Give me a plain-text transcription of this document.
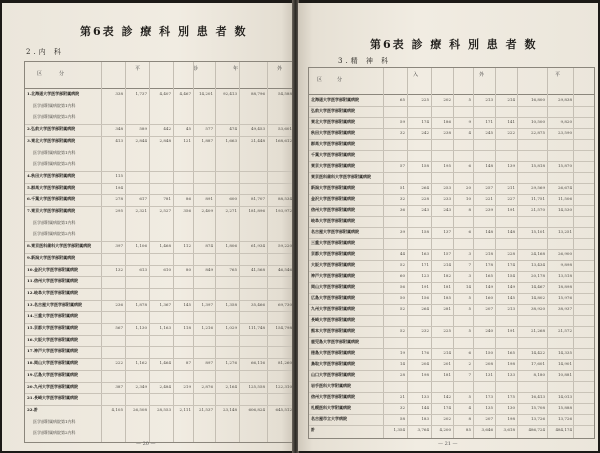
第6表 診 療 科 別 患 者 数
2.内 科
区	分
平	診	年	外
1.北海道大学医学部附属病院	338	1,737	4,407	4,467	14,201	92,413	88,796	54,588
医学部附属病院第1内科
医学部附属病院第2内科
2.弘前大学医学部附属病院	348	589	442	45	577	474	49,453	53,601
3.東北大学医学部附属病院	413	2,844	2,848	121	1,887	1,663	21,448	168,612
医学部附属病院第1内科
医学部附属病院第2内科
4.秋田大学医学部附属病院	115
5.群馬大学医学部附属病院	194
6.千葉大学医学部附属病院	278	617	781	86	891	600	81,707	88,534
7.東京大学医学部附属病院	295	2,321	2,527	356	2,409	2,271	181,896	193,972
医学部附属病院第1内科
医学部附属病院第2内科
8.東京医科歯科大学医学部附属病院	397	1,106	1,468	112	874	1,806	61,934	59,220
9.新潟大学医学部附属病院
10.金沢大学医学部附属病院	132	613	610	80	849	765	41,568	46,546
11.信州大学医学部附属病院
12.岐阜大学医学部附属病院
13.名古屋大学医学部附属病院	236	1,878	1,367	145	1,397	1,358	35,466	69,730
14.三重大学医学部附属病院
15.京都大学医学部附属病院	567	1,130	1,163	118	1,216	1,029	111,748	154,798
16.大阪大学医学部附属病院
17.神戸大学医学部附属病院
18.岡山大学医学部附属病院	222	1,162	1,464	87	897	1,276	66,116	81,260
19.広島大学医学部附属病院
20.九州大学医学部附属病院	387	2,349	2,484	219	2,876	2,164	125,558	122,310
21.長崎大学医学部附属病院
22.計	4,105	26,508	28,553	2,111	21,537	23,148	606,824	645,512
医学部附属病院第1内科
医学部附属病院第2内科
— 20 —
第6表 診 療 科 別 患 者 数
3.精 神 科
区	分
入	外	平
北海道大学医学部附属病院	65	225	202	5	213	214	16,800	29,838
弘前大学医学部附属病院
東北大学医学部附属病院	59	174	186	9	171	141	10,500	9,820
秋田大学医学部附属病院	32	242	238	4	245	222	22,875	23,590
群馬大学医学部附属病院
千葉大学医学部附属病院
東京大学医学部附属病院	57	158	195	6	148	139	15,818	15,870
東京医科歯科大学医学部附属病院
新潟大学医学部附属病院	51	264	253	20	257	211	29,569	26,674
金沢大学医学部附属病院	32	228	233	10	221	227	11,751	11,506
信州大学医学部附属病院	36	243	243	8	239	191	21,570	14,530
岐阜大学医学部附属病院
名古屋大学医学部附属病院	39	158	137	6	148	148	15,101	13,251
三重大学医学部附属病院
京都大学医学部附属病院	44	163	157	3	218	228	24,168	26,900
大阪大学医学部附属病院	52	171	214	7	178	174	13,434	9,898
神戸大学医学部附属病院	60	123	182	3	165	154	20,178	13,518
岡山大学医学部附属病院	56	191	181	14	149	149	14,467	18,898
広島大学医学部附属病院	50	156	185	5	160	145	14,802	15,976
九州大学医学部附属病院	52	264	281	5	207	213	38,920	38,937
長崎大学医学部附属病院
熊本大学医学部附属病院	52	232	225	5	240	191	21,268	21,572
鹿児島大学医学部附属病院
徳島大学医学部附属病院	19	176	214	6	150	165	14,422	14,335
鳥取大学医学部附属病院	14	204	201	2	208	198	17,601	14,901
山口大学医学部附属病院	28	198	181	7	131	133	8,180	10,881
岩手医科大学附属病院
信州大学医学部附属病院	21	133	142	5	173	175	16,413	14,013
札幌医科大学附属病院	32	144	174	4	135	130	15,708	15,888
名古屋市立大学病院	58	183	202	8	207	198	13,726	13,726
計	1,354	3,764	4,200	85	3,646	3,618	486,724	484,174
— 21 —
